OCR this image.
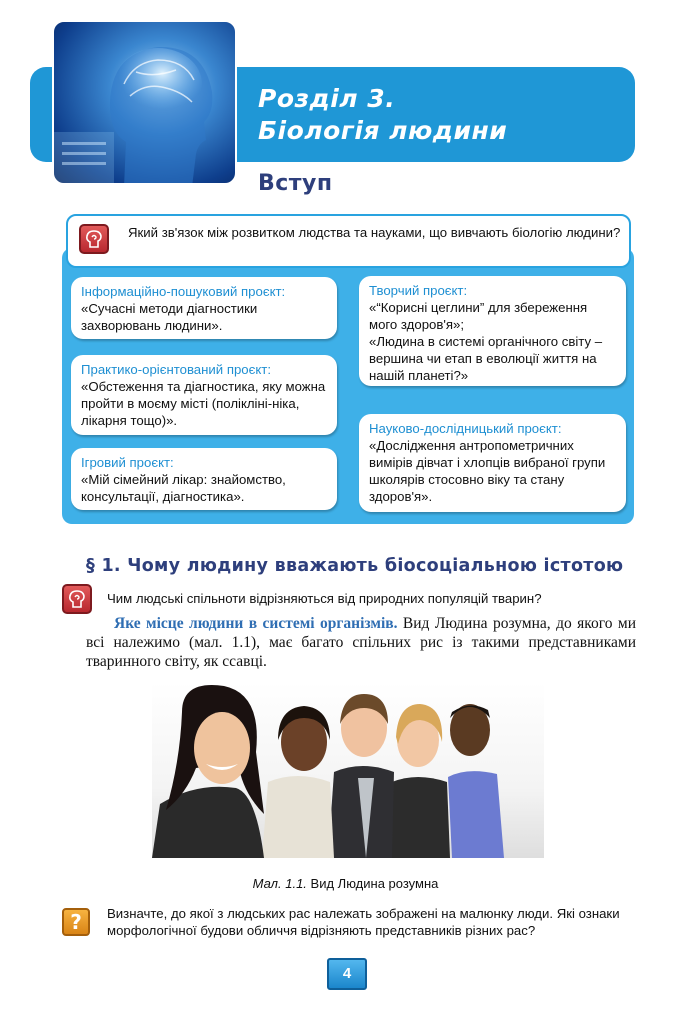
Розділ 3.
Біологія людини
Вступ
Який зв'язок між розвитком людства та науками, що вивчають біологію людини?
Інформаційно-пошуковий проєкт:
«Сучасні методи діагностики захворювань людини».
Практико-орієнтований проєкт:
«Обстеження та діагностика, яку можна пройти в моєму місті (полікліні-ніка, лікарня тощо)».
Ігровий проєкт:
«Мій сімейний лікар: знайомство, консультації, діагностика».
Творчий проєкт:
«“Корисні цеглини” для збереження мого здоров'я»;
«Людина в системі органічного світу – вершина чи етап в еволюції життя на нашій планеті?»
Науково-дослідницький проєкт:
«Дослідження антропометричних вимірів дівчат і хлопців вибраної групи школярів стосовно віку та стану здоров'я».
§ 1. Чому людину вважають біосоціальною істотою
Чим людські спільноти відрізняються від природних популяцій тварин?
Яке місце людини в системі організмів. Вид Людина розумна, до якого ми всі належимо (мал. 1.1), має багато спільних рис із такими представниками тваринного світу, як ссавці.
Мал. 1.1. Вид Людина розумна
?	Визначте, до якої з людських рас належать зображені на малюнку люди. Які ознаки морфологічної будови обличчя відрізняють представників різних рас?
4
